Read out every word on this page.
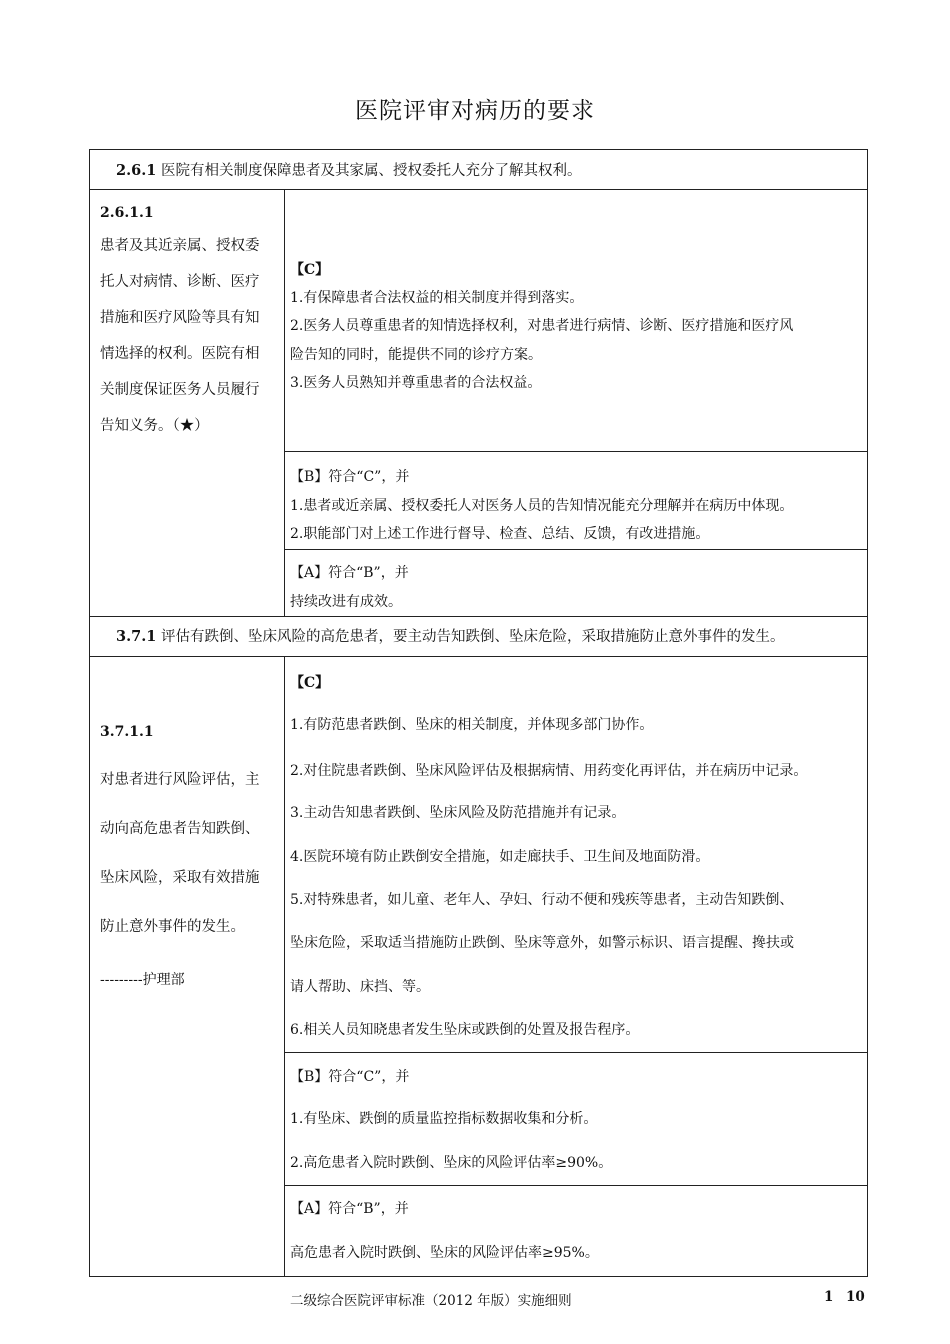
医院评审对病历的要求
2.6.1 医院有相关制度保障患者及其家属、授权委托人充分了解其权利。
2.6.1.1
患者及其近亲属、授权委
托人对病情、诊断、医疗
措施和医疗风险等具有知
情选择的权利。医院有相
关制度保证医务人员履行
告知义务。（★）
【C】
1.有保障患者合法权益的相关制度并得到落实。
2.医务人员尊重患者的知情选择权利，对患者进行病情、诊断、医疗措施和医疗风
险告知的同时，能提供不同的诊疗方案。
3.医务人员熟知并尊重患者的合法权益。
【B】符合“C”，并
1.患者或近亲属、授权委托人对医务人员的告知情况能充分理解并在病历中体现。
2.职能部门对上述工作进行督导、检查、总结、反馈，有改进措施。
【A】符合“B”，并
持续改进有成效。
3.7.1 评估有跌倒、坠床风险的高危患者，要主动告知跌倒、坠床危险，采取措施防止意外事件的发生。
3.7.1.1
对患者进行风险评估，主
动向高危患者告知跌倒、
坠床风险，采取有效措施
防止意外事件的发生。
---------护理部
【C】
1.有防范患者跌倒、坠床的相关制度，并体现多部门协作。
2.对住院患者跌倒、坠床风险评估及根据病情、用药变化再评估，并在病历中记录。
3.主动告知患者跌倒、坠床风险及防范措施并有记录。
4.医院环境有防止跌倒安全措施，如走廊扶手、卫生间及地面防滑。
5.对特殊患者，如儿童、老年人、孕妇、行动不便和残疾等患者，主动告知跌倒、
坠床危险，采取适当措施防止跌倒、坠床等意外，如警示标识、语言提醒、搀扶或
请人帮助、床挡、等。
6.相关人员知晓患者发生坠床或跌倒的处置及报告程序。
【B】符合“C”，并
1.有坠床、跌倒的质量监控指标数据收集和分析。
2.高危患者入院时跌倒、坠床的风险评估率≥90%。
【A】符合“B”，并
高危患者入院时跌倒、坠床的风险评估率≥95%。
二级综合医院评审标准（2012 年版）实施细则	1 10
